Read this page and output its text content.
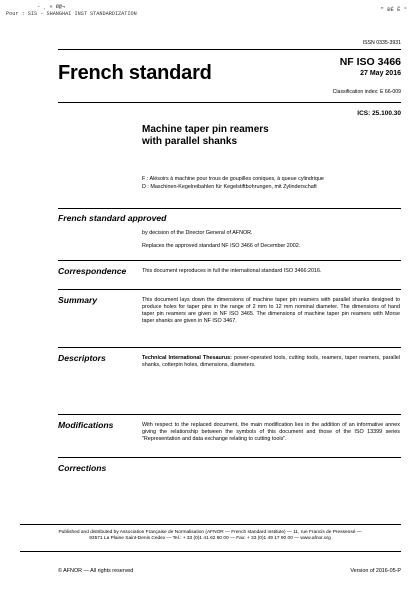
- ¸ « Ø@¬
Pour : SIS - SHANGHAI INST STANDARDIZATION
" ÐÉ Ê °
ISSN 0335-3931
French standard	NF ISO 3466
27 May 2016
Classification index: E 66-009
ICS: 25.100.30
Machine taper pin reamers
with parallel shanks
F : Alésoirs à machine pour trous de goupilles coniques, à queue cylindrique
D : Maschinen-Kegelreibahlen für Kegelstiftbohrungen, mit Zylinderschaft
French standard approved
by decision of the Director General of AFNOR.
Replaces the approved standard NF ISO 3466 of December 2002.
Correspondence	This document reproduces in full the international standard ISO 3466:2016.
Summary	This document lays down the dimensions of machine taper pin reamers with parallel shanks designed to produce holes for taper pins in the range of 2 mm to 12 mm nominal diameter. The dimensions of hand taper pin reamers are given in NF ISO 3465. The dimensions of machine taper pin reamers with Morse taper shanks are given in NF ISO 3467.
Descriptors	Technical International Thesaurus: power-operated tools, cutting tools, reamers, taper reamers, parallel shanks, cotterpin holes, dimensions, diameters.
Modifications	With respect to the replaced document, the main modification lies in the addition of an informative annex giving the relationship between the symbols of this document and those of the ISO 13399 series "Representation and data exchange relating to cutting tools".
Corrections
Published and distributed by Association Française de Normalisation (AFNOR — French standard institute) — 11, rue Francis de Pressensé —
93571 La Plaine Saint-Denis Cedex — Tel.: + 33 (0)1 41 62 80 00 — Fax: + 33 (0)1 49 17 90 00 — www.afnor.org
© AFNOR — All rights reserved	Version of 2016-05-P
